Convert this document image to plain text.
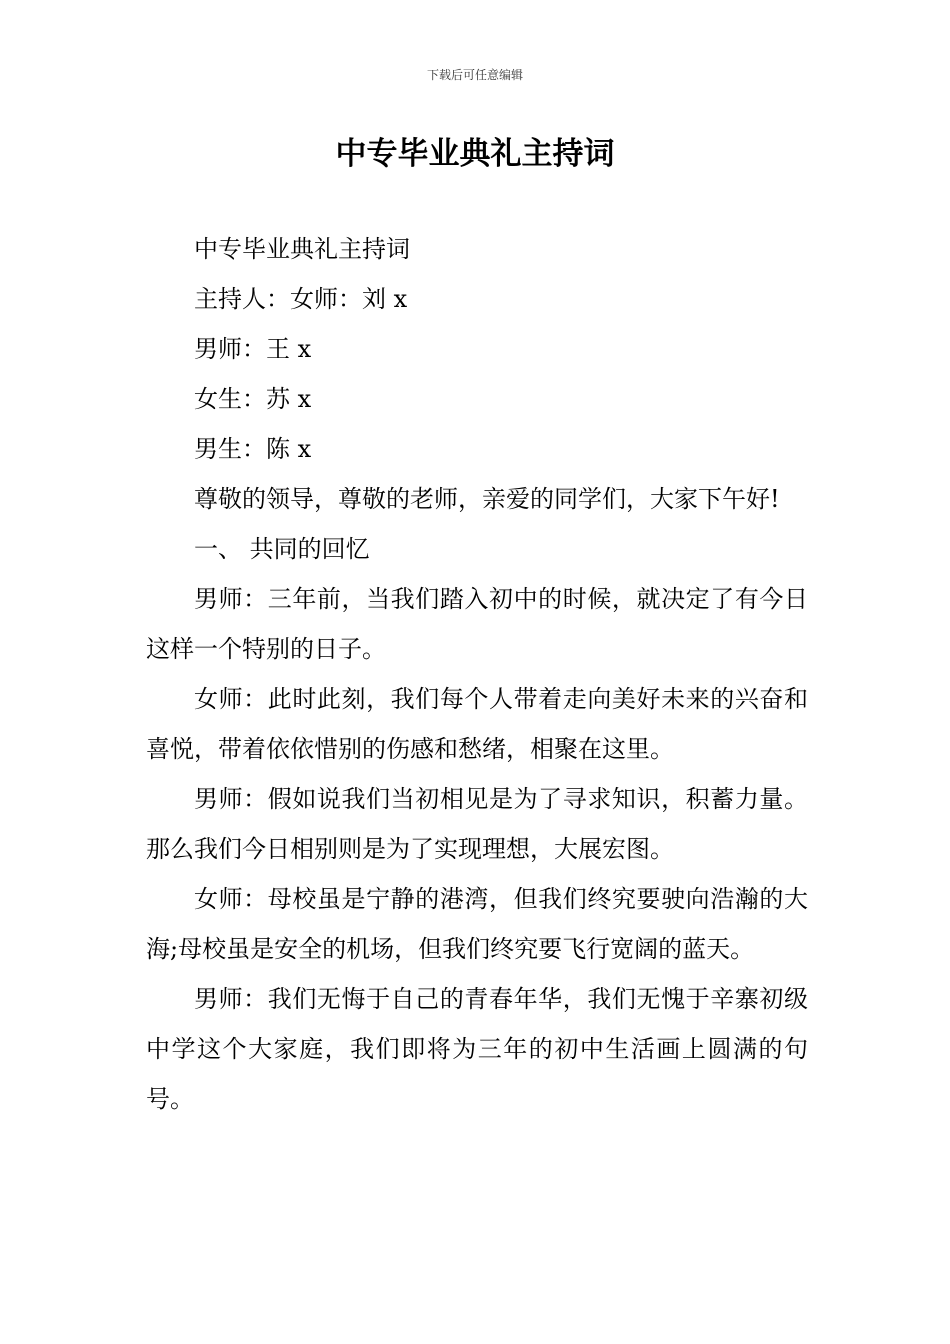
下载后可任意编辑
中专毕业典礼主持词

中专毕业典礼主持词

主持人：女师：刘 x

男师：王 x

女生：苏 x

男生：陈 x

尊敬的领导，尊敬的老师，亲爱的同学们，大家下午好!

一、 共同的回忆

男师：三年前，当我们踏入初中的时候，就决定了有今日这样一个特别的日子。

女师：此时此刻，我们每个人带着走向美好未来的兴奋和喜悦，带着依依惜别的伤感和愁绪，相聚在这里。

男师：假如说我们当初相见是为了寻求知识，积蓄力量。那么我们今日相别则是为了实现理想，大展宏图。

女师：母校虽是宁静的港湾，但我们终究要驶向浩瀚的大海;母校虽是安全的机场，但我们终究要飞行宽阔的蓝天。

男师：我们无悔于自己的青春年华，我们无愧于辛寨初级中学这个大家庭，我们即将为三年的初中生活画上圆满的句号。
